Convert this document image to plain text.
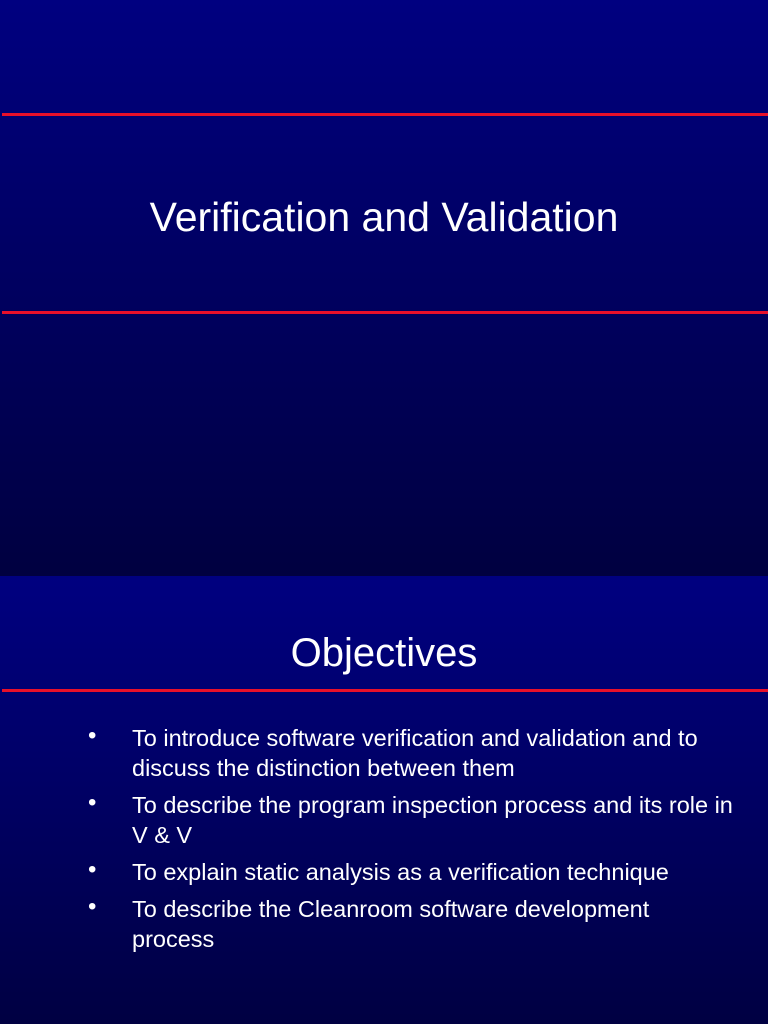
Verification and Validation
Objectives
• To introduce software verification and validation and to discuss the distinction between them
• To describe the program inspection process and its role in V & V
• To explain static analysis as a verification technique
• To describe the Cleanroom software development process
